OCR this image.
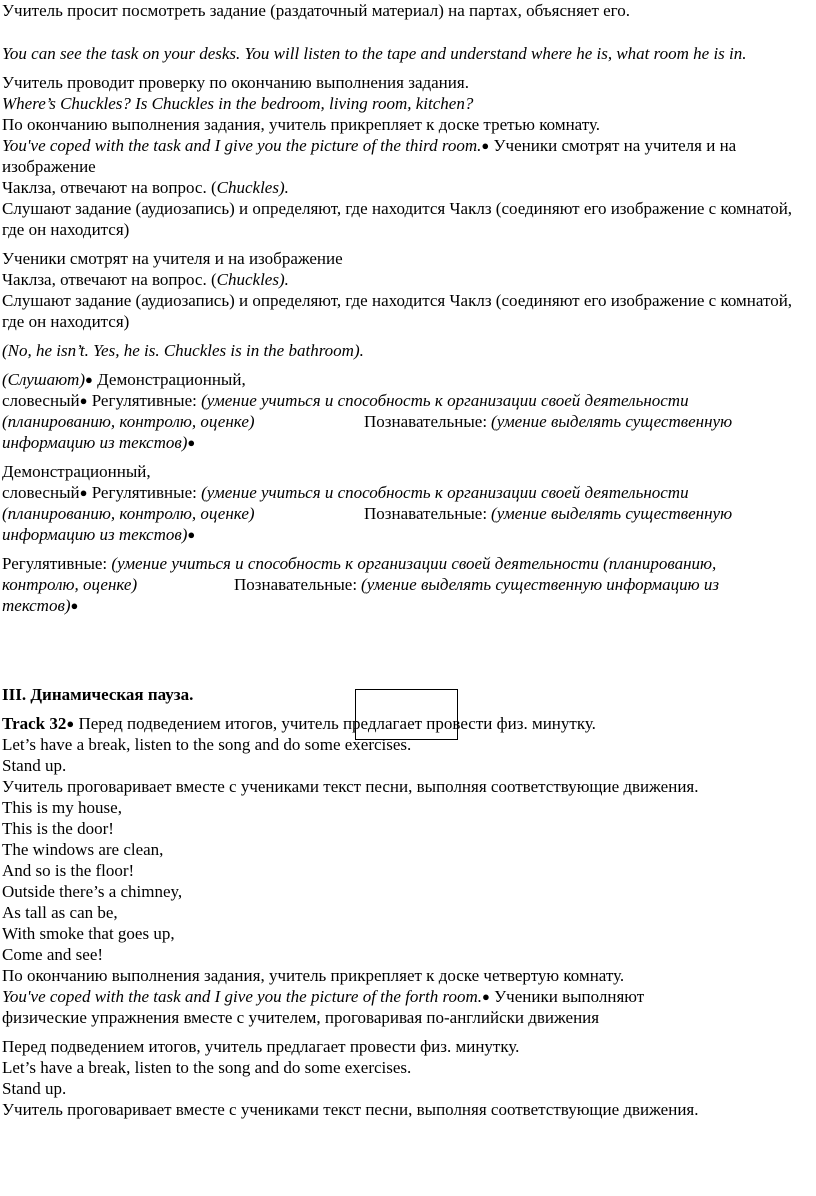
Учитель просит посмотреть задание (раздаточный материал) на партах, объясняет его.

You can see the task on your desks. You will listen to the tape and understand where he is, what room he is in.

Учитель проводит проверку по окончанию выполнения задания.

Where’s Chuckles? Is Chuckles in the bedroom, living room, kitchen?

По окончанию выполнения задания, учитель прикрепляет к доске третью комнату.

You've coped with the task and I give you the picture of the third room.● Ученики смотрят на учителя и на изображение

Чаклза, отвечают на вопрос. (Chuckles).

Слушают задание (аудиозапись) и определяют, где находится Чаклз (соединяют его изображение с комнатой, где он находится)

Ученики смотрят на учителя и на изображение

Чаклза, отвечают на вопрос. (Chuckles).

Слушают задание (аудиозапись) и определяют, где находится Чаклз (соединяют его изображение с комнатой, где он находится)

(No, he isn’t. Yes, he is. Chuckles is in the bathroom).

(Слушают)● Демонстрационный,

словесный● Регулятивные: (умение учиться и способность к организации своей деятельности

(планированию, контролю, оценке)	Познавательные: (умение выделять существенную

информацию из текстов)●

Демонстрационный,

словесный● Регулятивные: (умение учиться и способность к организации своей деятельности

(планированию, контролю, оценке)	Познавательные: (умение выделять существенную

информацию из текстов)●

Регулятивные: (умение учиться и способность к организации своей деятельности (планированию,

контролю, оценке)	Познавательные: (умение выделять существенную информацию из

текстов)●

III. Динамическая пауза.

Track 32● Перед подведением итогов, учитель предлагает провести физ. минутку.

Let’s have a break, listen to the song and do some exercises.

Stand up.

Учитель проговаривает вместе с учениками текст песни, выполняя соответствующие движения.

This is my house,

This is the door!

The windows are clean,

And so is the floor!

Outside there’s a chimney,

As tall as can be,

With smoke that goes up,

Come and see!

По окончанию выполнения задания, учитель прикрепляет к доске четвертую комнату.

You've coped with the task and I give you the picture of the forth room.● Ученики выполняют

физические упражнения вместе с учителем, проговаривая по-английски движения

Перед подведением итогов, учитель предлагает провести физ. минутку.

Let’s have a break, listen to the song and do some exercises.

Stand up.

Учитель проговаривает вместе с учениками текст песни, выполняя соответствующие движения.
